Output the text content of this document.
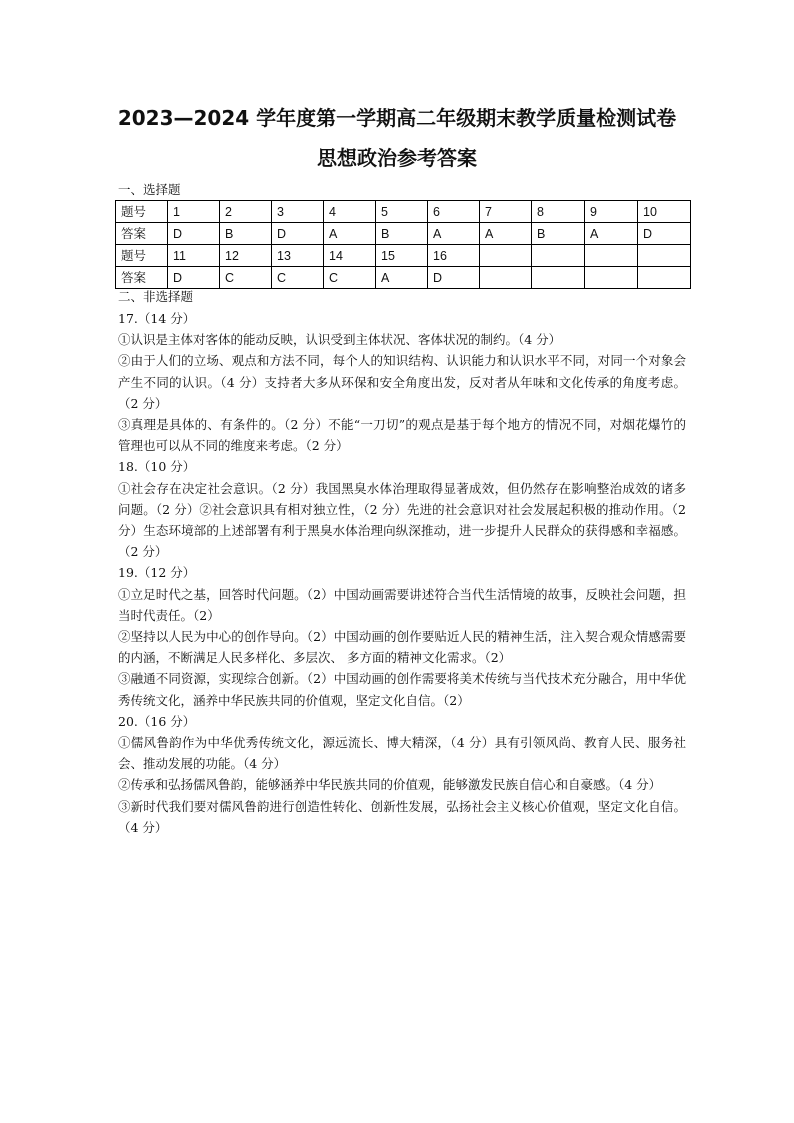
2023—2024 学年度第一学期高二年级期末教学质量检测试卷
思想政治参考答案

一、选择题

题号	1	2	3	4	5	6	7	8	9	10
答案	D	B	D	A	B	A	A	B	A	D
题号	11	12	13	14	15	16				
答案	D	C	C	C	A	D				

二、非选择题

17.（14 分）

①认识是主体对客体的能动反映，认识受到主体状况、客体状况的制约。（4 分）

②由于人们的立场、观点和方法不同，每个人的知识结构、认识能力和认识水平不同，对同一个对象会产生不同的认识。（4 分）支持者大多从环保和安全角度出发，反对者从年味和文化传承的角度考虑。（2 分）

③真理是具体的、有条件的。（2 分）不能“一刀切”的观点是基于每个地方的情况不同，对烟花爆竹的管理也可以从不同的维度来考虑。（2 分）

18.（10 分）

①社会存在决定社会意识。（2 分）我国黑臭水体治理取得显著成效，但仍然存在影响整治成效的诸多问题。（2 分）②社会意识具有相对独立性，（2 分）先进的社会意识对社会发展起积极的推动作用。（2 分）生态环境部的上述部署有利于黑臭水体治理向纵深推动，进一步提升人民群众的获得感和幸福感。（2 分）

19.（12 分）

①立足时代之基，回答时代问题。（2）中国动画需要讲述符合当代生活情境的故事，反映社会问题，担当时代责任。（2）

②坚持以人民为中心的创作导向。（2）中国动画的创作要贴近人民的精神生活，注入契合观众情感需要的内涵，不断满足人民多样化、多层次、 多方面的精神文化需求。（2）

③融通不同资源，实现综合创新。（2）中国动画的创作需要将美术传统与当代技术充分融合，用中华优秀传统文化，涵养中华民族共同的价值观，坚定文化自信。（2）

20.（16 分）

①儒风鲁韵作为中华优秀传统文化，源远流长、博大精深，（4 分）具有引领风尚、教育人民、服务社会、推动发展的功能。（4 分）

②传承和弘扬儒风鲁韵，能够涵养中华民族共同的价值观，能够激发民族自信心和自豪感。（4 分）

③新时代我们要对儒风鲁韵进行创造性转化、创新性发展，弘扬社会主义核心价值观，坚定文化自信。（4 分）
